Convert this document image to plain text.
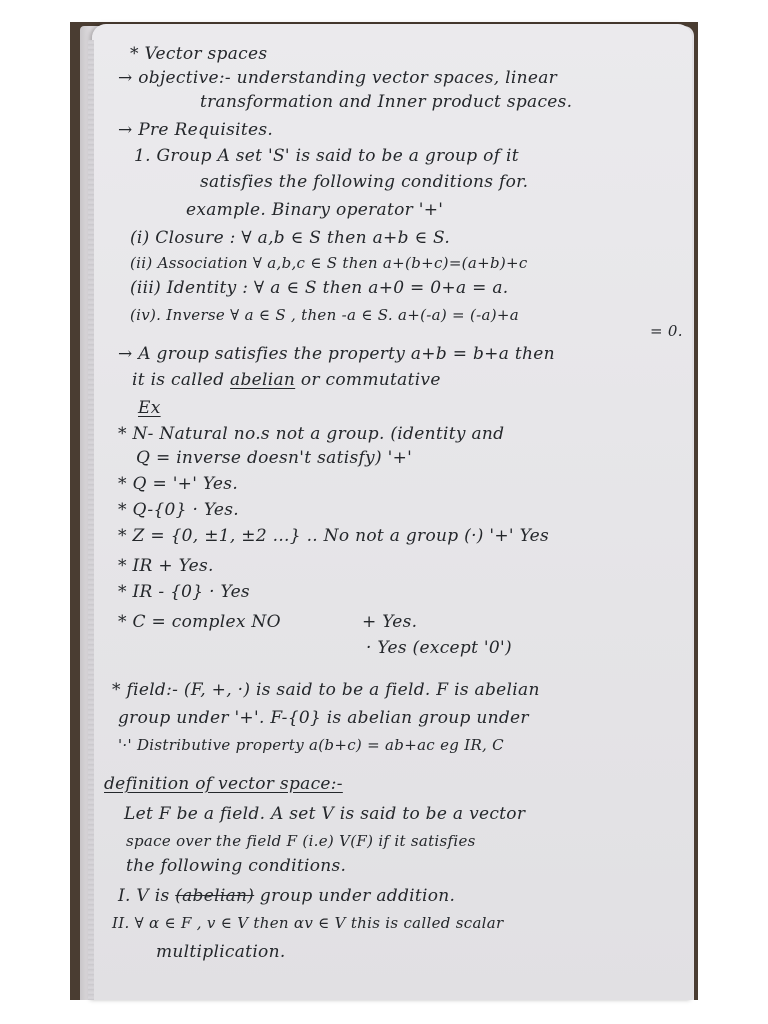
* Vector spaces
→ objective:- understanding vector spaces, linear
transformation and Inner product spaces.
→ Pre Requisites.
1. Group A set 'S' is said to be a group of it
satisfies the following conditions for.
example. Binary operator '+'
(i) Closure : ∀ a,b ∈ S then a+b ∈ S.
(ii) Association ∀ a,b,c ∈ S then a+(b+c)=(a+b)+c
(iii) Identity : ∀ a ∈ S then a+0 = 0+a = a.
(iv). Inverse ∀ a ∈ S , then -a ∈ S. a+(-a) = (-a)+a
= 0.
→ A group satisfies the property a+b = b+a then
it is called abelian or commutative
Ex
* N- Natural no.s not a group. (identity and
Q = inverse doesn't satisfy) '+'
* Q = '+' Yes.
* Q-{0} · Yes.
* Z = {0, ±1, ±2 ...} .. No not a group (·) '+' Yes
* IR + Yes.
* IR - {0} · Yes
* C = complex NO	+ Yes.
· Yes (except '0')
* field:- (F, +, ·) is said to be a field. F is abelian
group under '+'. F-{0} is abelian group under
'·' Distributive property a(b+c) = ab+ac eg IR, C
definition of vector space:-
Let F be a field. A set V is said to be a vector
space over the field F (i.e) V(F) if it satisfies
the following conditions.
I. V is (abelian) group under addition.
II. ∀ α ∈ F , v ∈ V then αv ∈ V this is called scalar
multiplication.
